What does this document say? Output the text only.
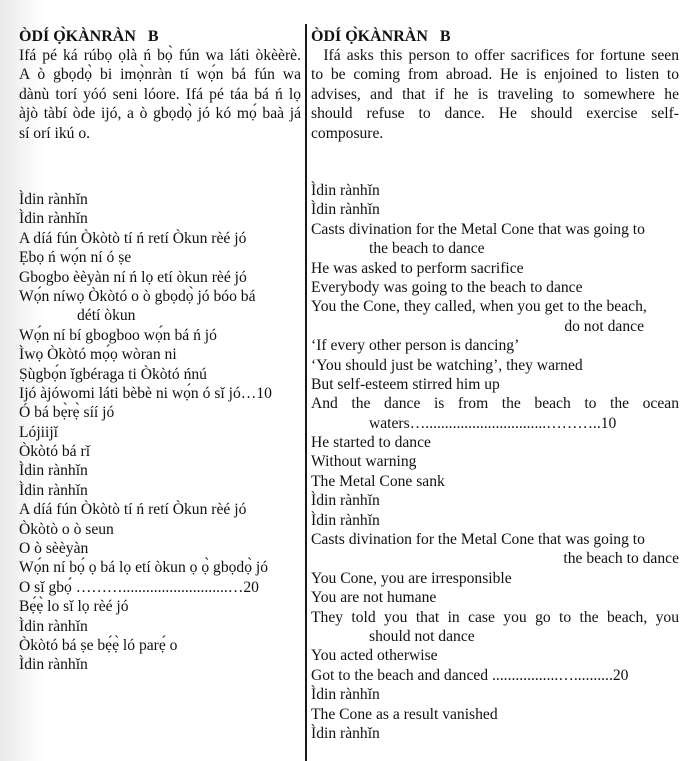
ÒDÍ Ọ̀KÀNRÀN   B
Ifá pé ká rúbọ ọlà ń bọ̀ fún wa láti òkèèrè.
A ò gbọdọ̀ bi imọ̀nràn tí wọ́n bá fún wa
dànù torí yóó seni lóore. Ifá pé táa bá ń lọ
àjò tàbí òde ijó, a ò gbọdọ̀ jó kó mọ́ baà já
sí orí ikú o.
Ìdin rànhǐn
Ìdin rànhǐn
A díá fún Òkòtò tí ń retí Òkun rèé jó
Ẹbọ ń wọ́n ní ó ṣe
Gbogbo èèyàn ní ń lọ etí òkun rèé jó
Wọ́n níwọ Òkòtó o ò gbọdọ̀ jó bóo bá
détí òkun
Wọ́n ní bí gbogboo wọ́n bá ń jó
Ìwọ Òkòtó mọ́ọ wòran ni
Ṣùgbọ́n ǐgbéraga ti Òkòtó ńnú
Ijó àjówomi láti bèbè ni wọ́n ó sǐ jó…10
Ó bá bẹ̀rẹ̀ síí jó
Lójiijǐ
Òkòtó bá rǐ
Ìdin rànhǐn
Ìdin rànhǐn
A díá fún Òkòtò tí ń retí Òkun rèé jó
Òkòtò o ò seun
O ò sèèyàn
Wọ́n ní bọ́ ọ bá lọ etí òkun ọ ọ̀ gbọdọ̀ jó
O sǐ gbọ́ ………...........................…20
Bẹ́ẹ̀ lo sǐ lọ rèé jó
Ìdin rànhǐn
Òkòtó bá ṣe bẹ́ẹ̀ ló parẹ́ o
Ìdin rànhǐn
ÒDÍ Ọ̀KÀNRÀN   B
Ifá asks this person to offer sacrifices for fortune seen
to be coming from abroad. He is enjoined to listen to
advises, and that if he is traveling to somewhere he
should refuse to dance. He should exercise self-
composure.
Ìdin rànhǐn
Ìdin rànhǐn
Casts divination for the Metal Cone that was going to
the beach to dance
He was asked to perform sacrifice
Everybody was going to the beach to dance
You the Cone, they called, when you get to the beach,
do not dance
‘If every other person is dancing’
‘You should just be watching’, they warned
But self-esteem stirred him up
And the dance is from the beach to the ocean
waters…...............................………..10
He started to dance
Without warning
The Metal Cone sank
Ìdin rànhǐn
Ìdin rànhǐn
Casts divination for the Metal Cone that was going to
the beach to dance
You Cone, you are irresponsible
You are not humane
They told you that in case you go to the beach, you
should not dance
You acted otherwise
Got to the beach and danced .................…..........20
Ìdin rànhǐn
The Cone as a result vanished
Ìdin rànhǐn
